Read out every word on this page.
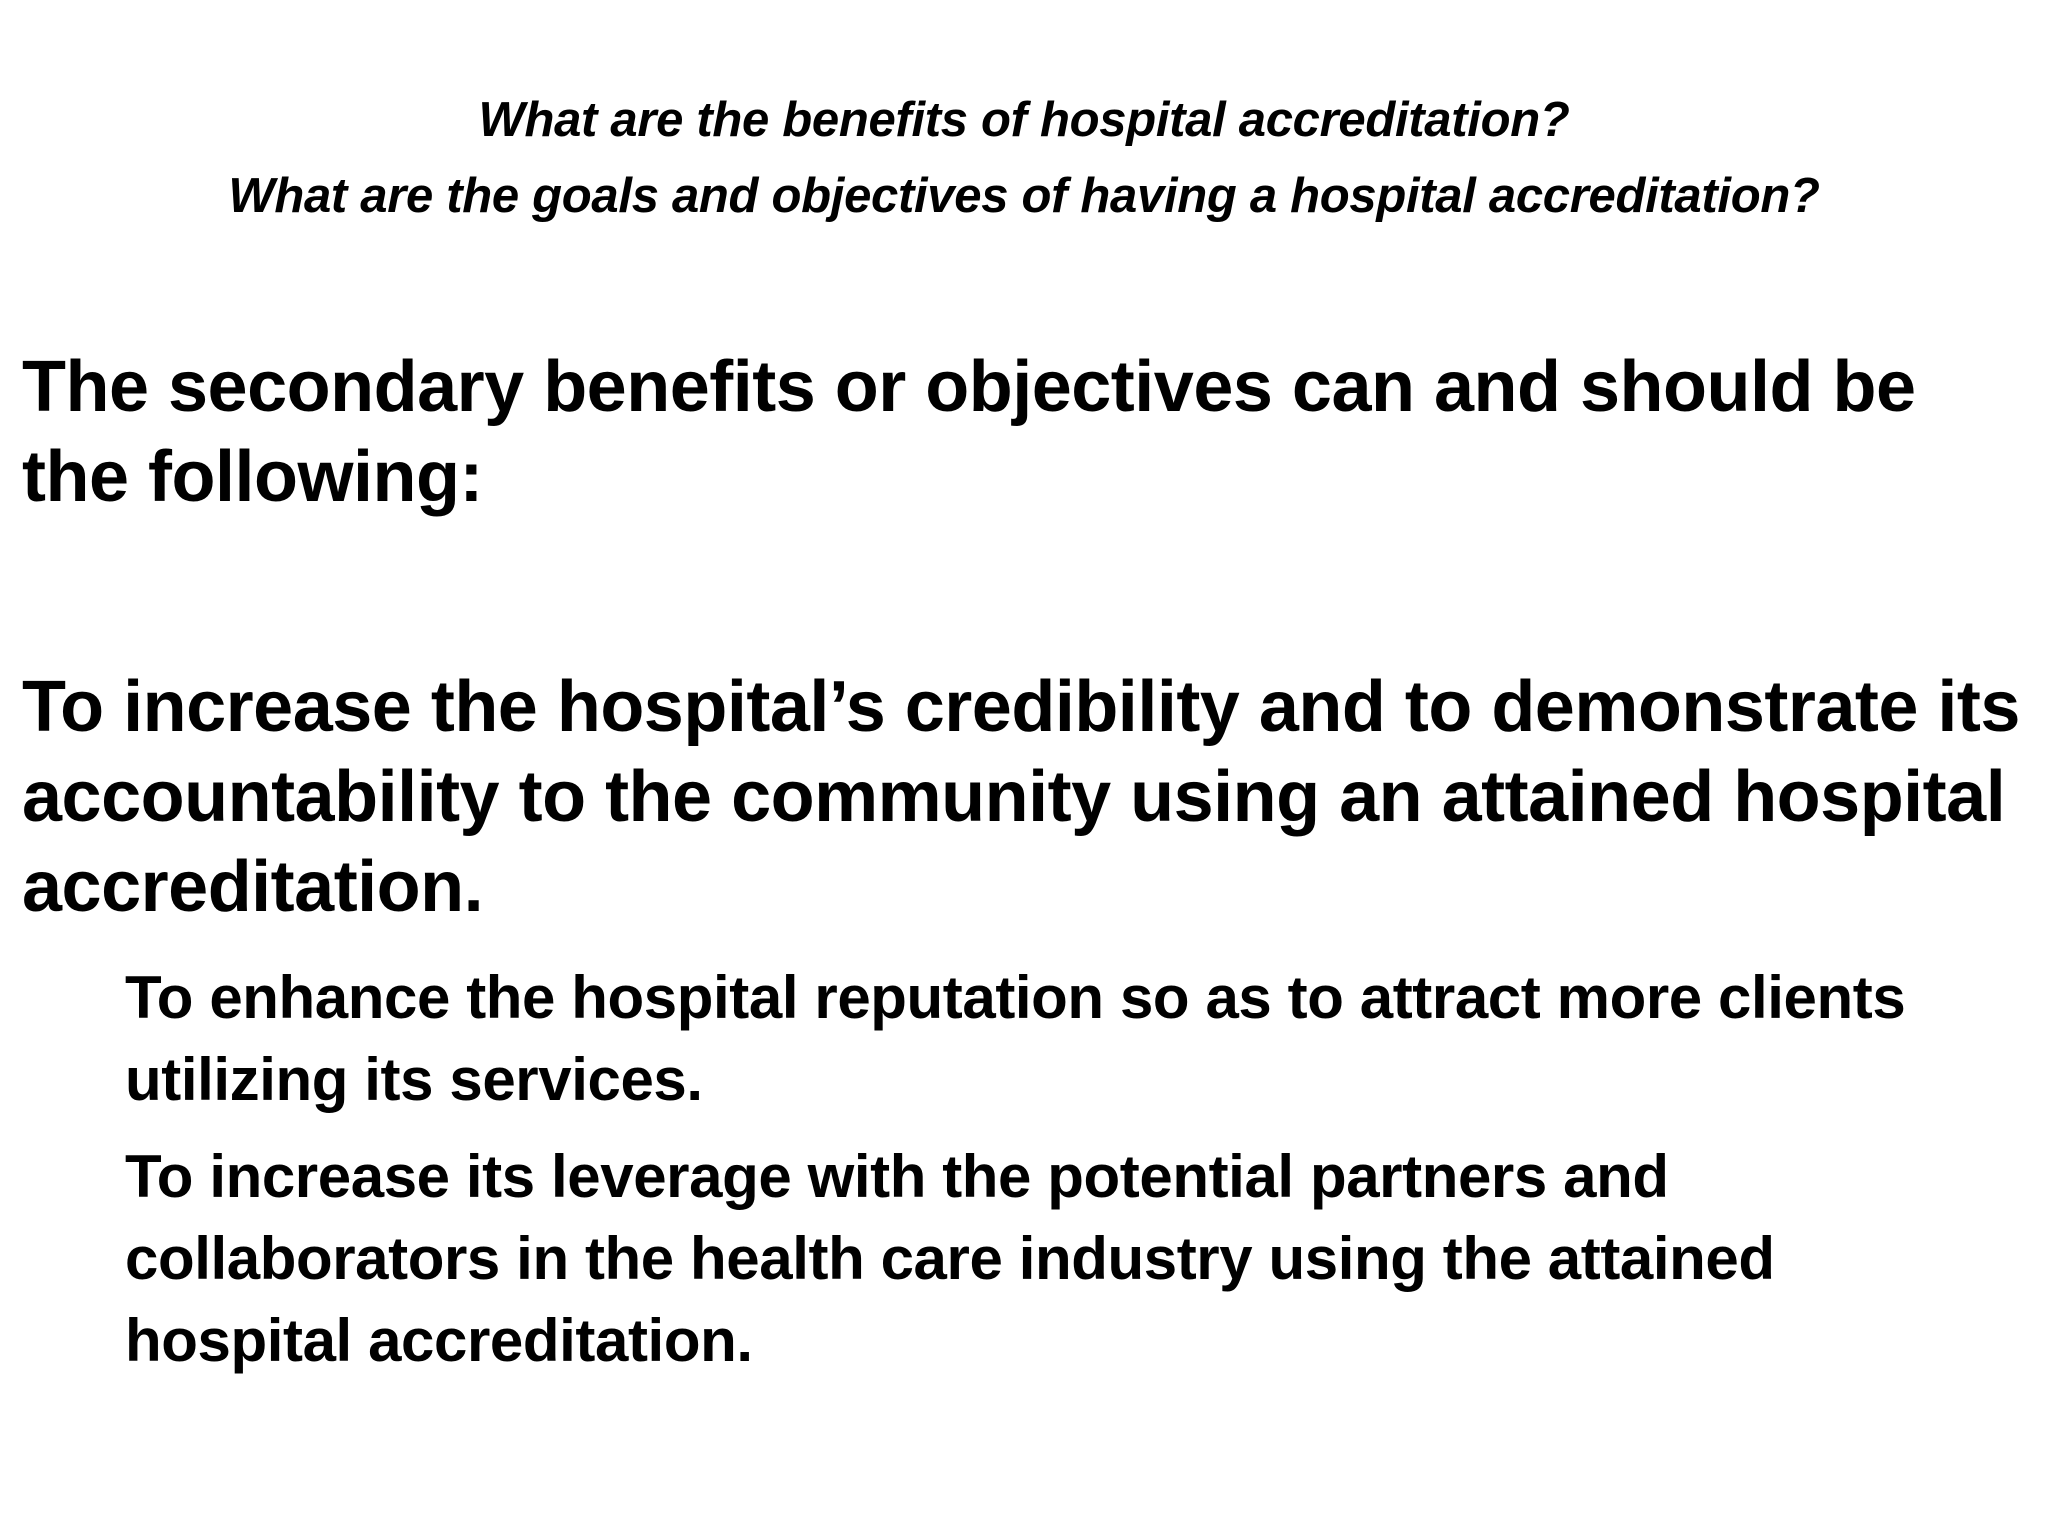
What are the benefits of hospital accreditation?
What are the goals and objectives of having a hospital accreditation?

The secondary benefits or objectives can and should be the following:

To increase the hospital’s credibility and to demonstrate its accountability to the community using an attained hospital accreditation.

To enhance the hospital reputation so as to attract more clients utilizing its services.

To increase its leverage with the potential partners and collaborators in the health care industry using the attained hospital accreditation.
